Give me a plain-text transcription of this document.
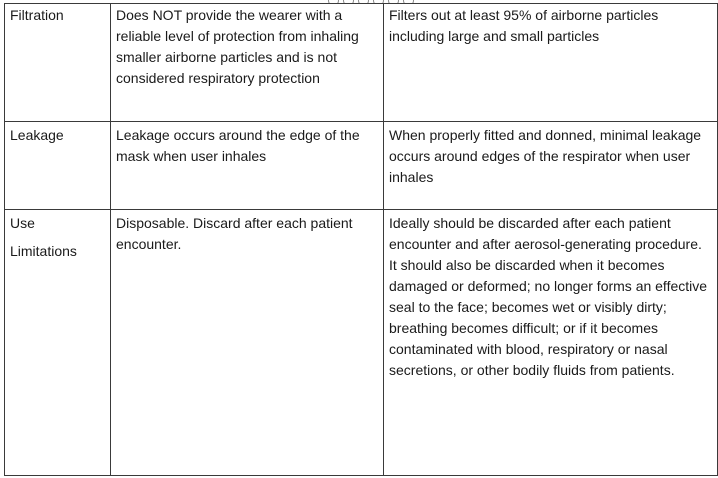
Filtration	Does NOT provide the wearer with a reliable level of protection from inhaling smaller airborne particles and is not considered respiratory protection	Filters out at least 95% of airborne particles including large and small particles

Leakage	Leakage occurs around the edge of the mask when user inhales	When properly fitted and donned, minimal leakage occurs around edges of the respirator when user inhales

Use
Limitations	Disposable. Discard after each patient encounter.	Ideally should be discarded after each patient encounter and after aerosol-generating procedure. It should also be discarded when it becomes damaged or deformed; no longer forms an effective seal to the face; becomes wet or visibly dirty; breathing becomes difficult; or if it becomes contaminated with blood, respiratory or nasal secretions, or other bodily fluids from patients.
